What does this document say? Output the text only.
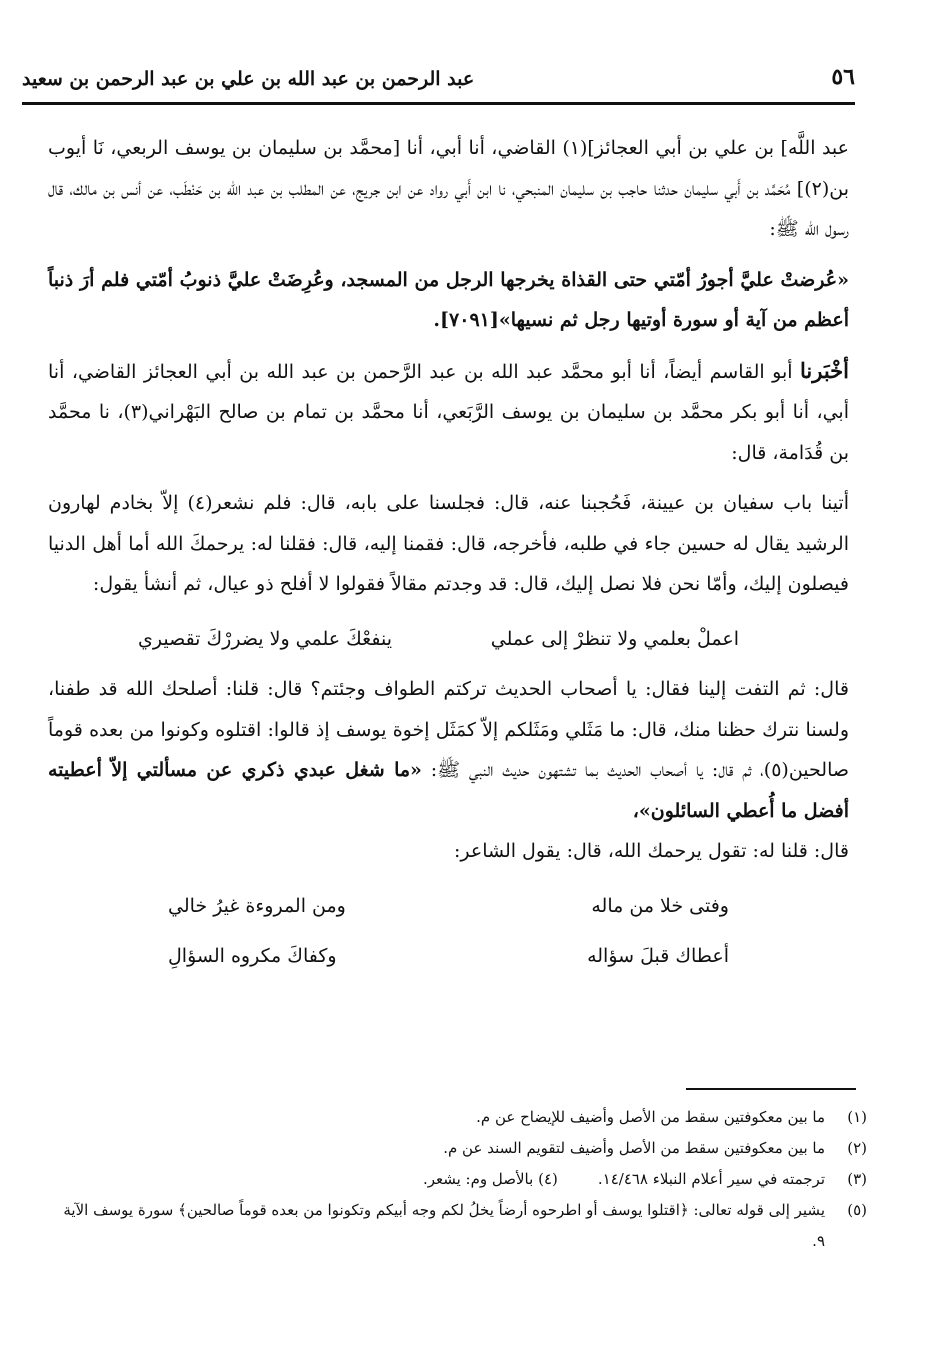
٥٦
عبد الرحمن بن عبد الله بن علي بن عبد الرحمن بن سعيد

عبد اللَّه] بن علي بن أبي العجائز](١) القاضي، أنا أبي، أنا [محمَّد بن سليمان بن يوسف الربعي، نَا أيوب بن(٢)] مُحَمَّد بن أَبي سليمان حدثنا حاجب بن سليمان المنبحي، نا ابن أَبي رواد عن ابن جريج، عن المطلب بن عبد الله بن حَنْطَب، عن أنس بن مالك، قال رسول الله ﷺ:

«عُرضتْ عليَّ أجورُ أمّتي حتى القذاة يخرجها الرجل من المسجد، وعُرِضَتْ عليَّ ذنوبُ أمّتي فلم أرَ ذنباً أعظم من آية أو سورة أوتيها رجل ثم نسيها»[٧٠٩١].

أخْبَرنا أبو القاسم أيضاً، أنا أبو محمَّد عبد الله بن عبد الرَّحمن بن عبد الله بن أبي العجائز القاضي، أنا أبي، أنا أبو بكر محمَّد بن سليمان بن يوسف الرَّبَعي، أنا محمَّد بن تمام بن صالح البَهْراني(٣)، نا محمَّد بن قُدَامة، قال:

أتينا باب سفيان بن عيينة، فَحُجبنا عنه، قال: فجلسنا على بابه، قال: فلم نشعر(٤) إلاّ بخادم لهارون الرشيد يقال له حسين جاء في طلبه، فأخرجه، قال: فقمنا إليه، قال: فقلنا له: يرحمكَ الله أما أهل الدنيا فيصلون إليك، وأمّا نحن فلا نصل إليك، قال: قد وجدتم مقالاً فقولوا لا أفلح ذو عيال، ثم أنشأ يقول:

اعملْ بعلمي ولا تنظرْ إلى عملي
ينفعْكَ علمي ولا يضررْكَ تقصيري

قال: ثم التفت إلينا فقال: يا أصحاب الحديث تركتم الطواف وجئتم؟ قال: قلنا: أصلحك الله قد طفنا، ولسنا نترك حظنا منك، قال: ما مَثَلي ومَثَلكم إلاّ كمَثَل إخوة يوسف إذ قالوا: اقتلوه وكونوا من بعده قوماً صالحين(٥)، ثم قال: يا أصحاب الحديث بما تشتهون حديث النبي ﷺ: «ما شغل عبدي ذكري عن مسألتي إلاّ أعطيته أفضل ما أُعطي السائلون»،

قال: قلنا له: تقول يرحمك الله، قال: يقول الشاعر:

وفتى خلا من ماله
ومن المروءة غيرُ خالي
أعطاك قبلَ سؤاله
وكفاكَ مكروه السؤالِ
(١)
ما بين معكوفتين سقط من الأصل وأضيف للإيضاح عن م.
(٢)
ما بين معكوفتين سقط من الأصل وأضيف لتقويم السند عن م.
(٣)
ترجمته في سير أعلام النبلاء ١٤/٤٦٨.(٤) بالأصل وم: يشعر.
(٥)
يشير إلى قوله تعالى: ﴿اقتلوا يوسف أو اطرحوه أرضاً يخلُ لكم وجه أبيكم وتكونوا من بعده قوماً صالحين﴾ سورة يوسف الآية ٩.
